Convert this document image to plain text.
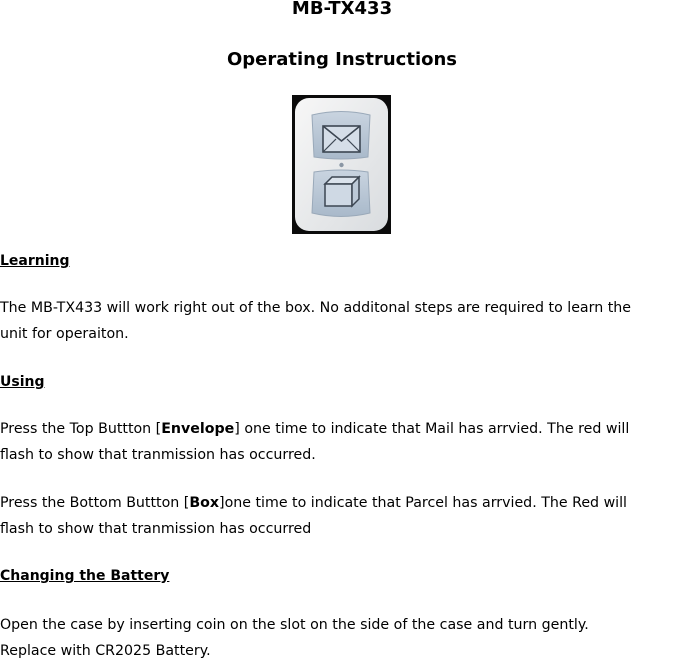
MB-TX433
Operating Instructions
Learning

The MB-TX433 will work right out of the box. No additonal steps are required to learn the
unit for operaiton.

Using

Press the Top Buttton [Envelope] one time to indicate that Mail has arrvied. The red will
flash to show that tranmission has occurred.

Press the Bottom Buttton [Box]one time to indicate that Parcel has arrvied. The Red will
flash to show that tranmission has occurred

Changing the Battery

Open the case by inserting coin on the slot on the side of the case and turn gently.
Replace with CR2025 Battery.
